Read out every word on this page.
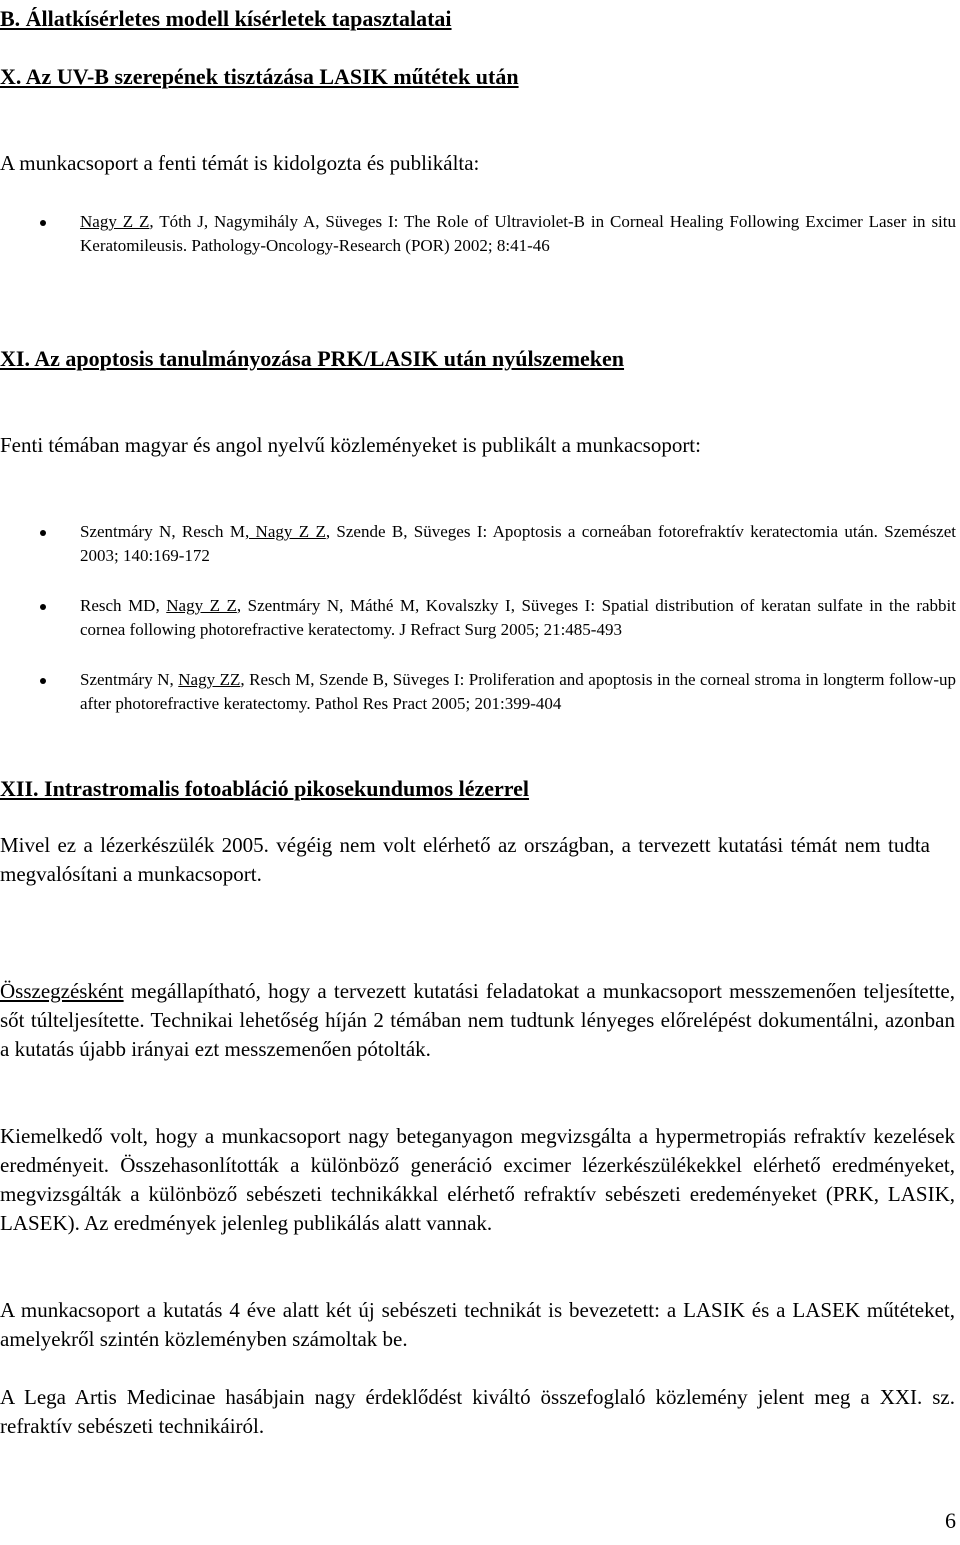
B. Állatkísérletes modell kísérletek tapasztalatai
X. Az UV-B szerepének tisztázása LASIK műtétek után

A munkacsoport a fenti témát is kidolgozta és publikálta:

Nagy Z Z, Tóth J, Nagymihály A, Süveges I: The Role of Ultraviolet-B in Corneal Healing Following Excimer Laser in situ Keratomileusis. Pathology-Oncology-Research (POR) 2002; 8:41-46
XI. Az apoptosis tanulmányozása PRK/LASIK után nyúlszemeken

Fenti témában magyar és angol nyelvű közleményeket is publikált a munkacsoport:

Szentmáry N, Resch M, Nagy Z Z, Szende B, Süveges I: Apoptosis a corneában fotorefraktív keratectomia után. Szemészet 2003; 140:169-172
Resch MD, Nagy Z Z, Szentmáry N, Máthé M, Kovalszky I, Süveges I: Spatial distribution of keratan sulfate in the rabbit cornea following photorefractive keratectomy. J Refract Surg 2005; 21:485-493
Szentmáry N, Nagy ZZ, Resch M, Szende B, Süveges I: Proliferation and apoptosis in the corneal stroma in longterm follow-up after photorefractive keratectomy. Pathol Res Pract 2005; 201:399-404
XII. Intrastromalis fotoabláció pikosekundumos lézerrel

Mivel ez a lézerkészülék 2005. végéig nem volt elérhető az országban, a tervezett kutatási témát nem tudta megvalósítani a munkacsoport.

Összegzésként megállapítható, hogy a tervezett kutatási feladatokat a munkacsoport messzemenően teljesítette, sőt túlteljesítette. Technikai lehetőség híján 2 témában nem tudtunk lényeges előrelépést dokumentálni, azonban a kutatás újabb irányai ezt messzemenően pótolták.

Kiemelkedő volt, hogy a munkacsoport nagy beteganyagon megvizsgálta a hypermetropiás refraktív kezelések eredményeit. Összehasonlították a különböző generáció excimer lézerkészülékekkel elérhető eredményeket, megvizsgálták a különböző sebészeti technikákkal elérhető refraktív sebészeti eredeményeket (PRK, LASIK, LASEK). Az eredmények jelenleg publikálás alatt vannak.

A munkacsoport a kutatás 4 éve alatt két új sebészeti technikát is bevezetett: a LASIK és a LASEK műtéteket, amelyekről szintén közleményben számoltak be.

A Lega Artis Medicinae hasábjain nagy érdeklődést kiváltó összefoglaló közlemény jelent meg a XXI. sz. refraktív sebészeti technikáiról.

6
